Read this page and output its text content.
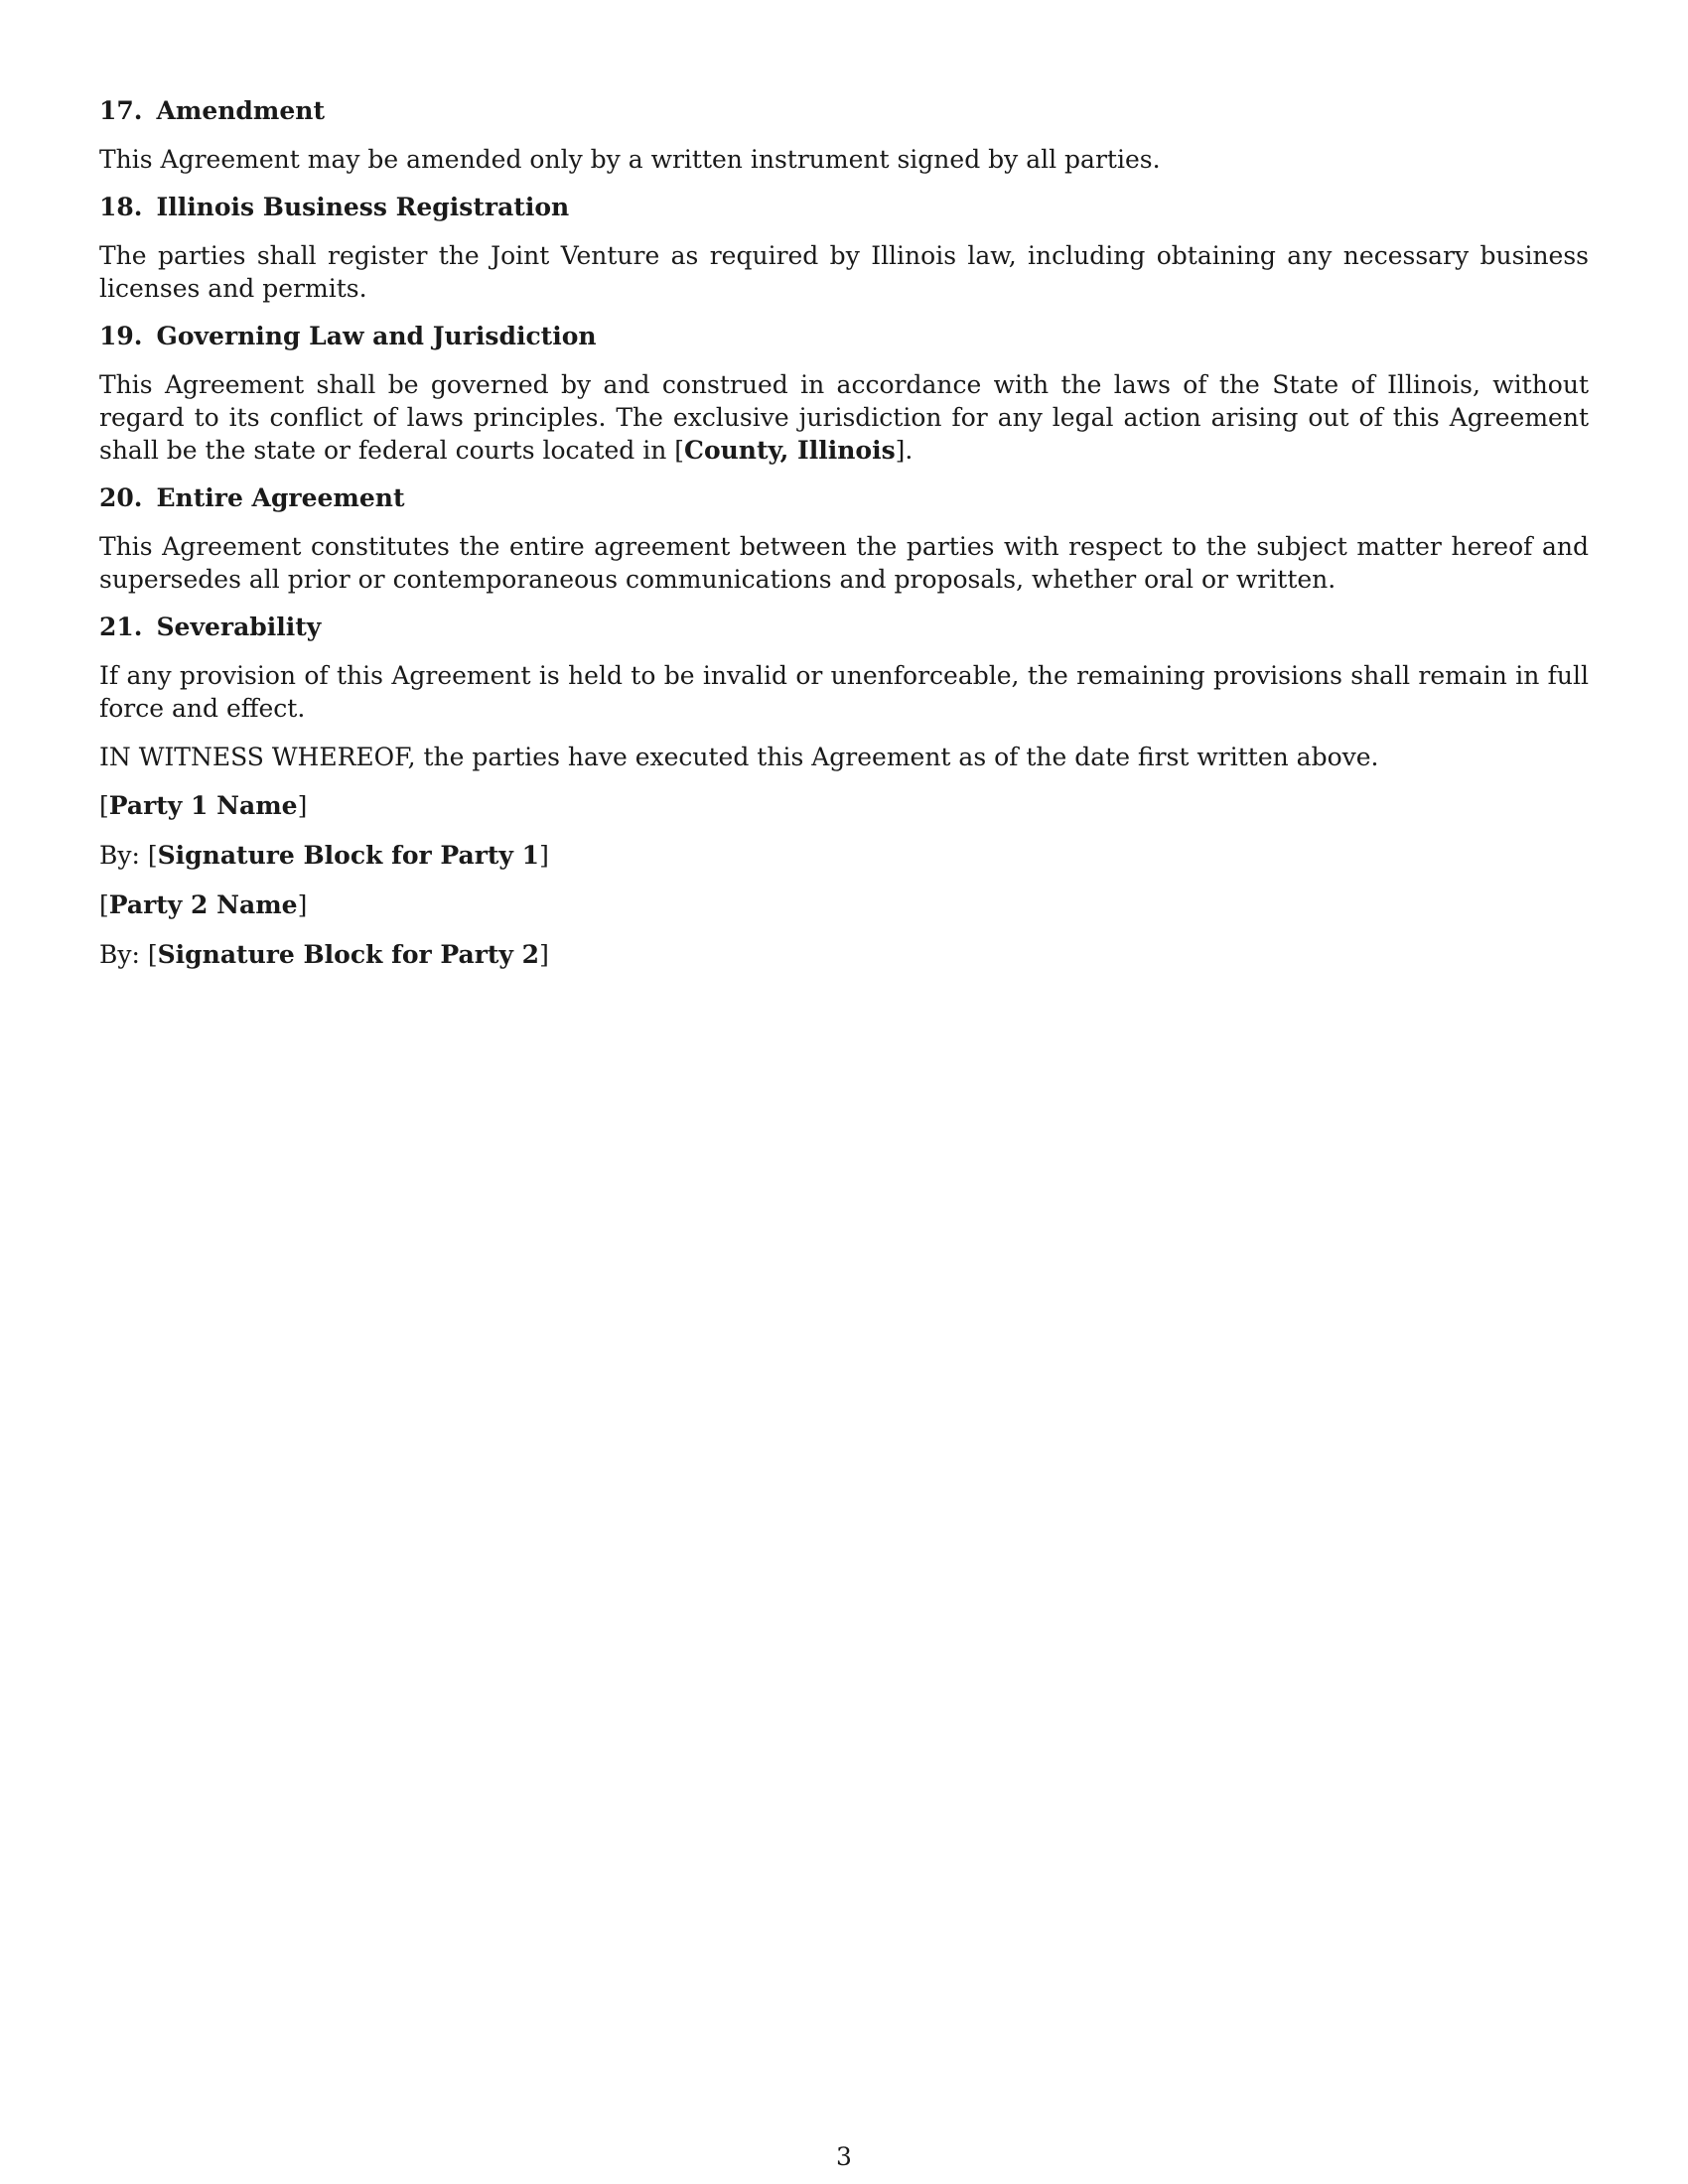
17. Amendment

This Agreement may be amended only by a written instrument signed by all parties.

18. Illinois Business Registration

The parties shall register the Joint Venture as required by Illinois law, including obtaining any necessary business licenses and permits.

19. Governing Law and Jurisdiction

This Agreement shall be governed by and construed in accordance with the laws of the State of Illinois, without regard to its conflict of laws principles. The exclusive jurisdiction for any legal action arising out of this Agreement shall be the state or federal courts located in [County, Illinois].

20. Entire Agreement

This Agreement constitutes the entire agreement between the parties with respect to the subject matter hereof and supersedes all prior or contemporaneous communications and proposals, whether oral or written.

21. Severability

If any provision of this Agreement is held to be invalid or unenforceable, the remaining provisions shall remain in full force and effect.

IN WITNESS WHEREOF, the parties have executed this Agreement as of the date first written above.

[Party 1 Name]
By: [Signature Block for Party 1]
[Party 2 Name]
By: [Signature Block for Party 2]
3
